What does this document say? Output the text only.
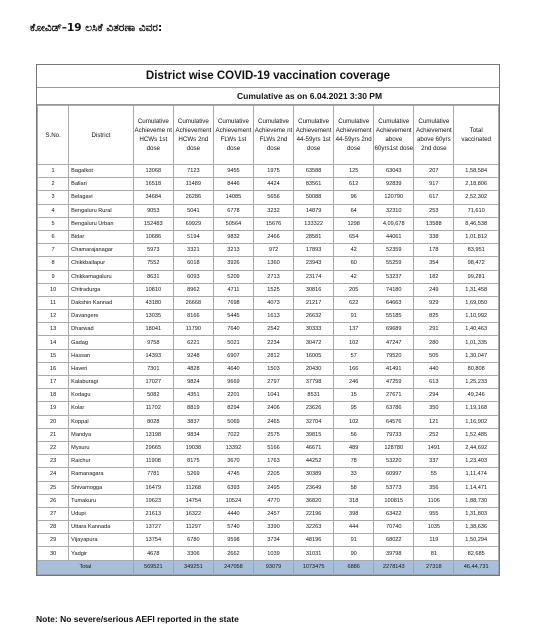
ಕೋವಿಡ್–19 ಲಸಿಕೆ ವಿತರಣಾ ವಿವರ:
District wise COVID-19 vaccination coverage
Cumulative as on 6.04.2021 3:30 PM
S.No.	District	Cumulative Achieveme nt HCWs 1st dose	Cumulative Achievement HCWs 2nd dose	Cumulative Achievement FLWs 1st dose	Cumulative Achieveme nt FLWs 2nd dose	Cumulative Achievement 44-59yrs 1st dose	Cumulative Achievement 44-59yrs 2nd dose	Cumulative Achievement above 60yrs1st dose	Cumulative Achievement above 60yrs 2nd dose	Total vaccinated
1	Bagalkot	13068	7123	9455	1975	63588	125	63043	207	1,58,584
2	Ballari	16518	11489	8446	4424	83561	612	92839	917	2,18,806
3	Belagavi	34684	26286	14085	5656	50088	96	120790	617	2,52,302
4	Bengaluru Rural	9053	5041	6778	3232	14879	64	32310	253	71,610
5	Bengaluru Urban	152483	69929	50564	15676	133322	1298	4,09,678	13588	8,46,538
6	Bidar	10686	5194	9832	2466	28581	654	44061	338	1,01,812
7	Chamarajanagar	5973	3321	3213	972	17893	42	52359	178	83,951
8	Chikkballapur	7552	6018	3926	1360	23943	60	55259	354	98,472
9	Chikkamagaluru	8631	6093	5209	2713	23174	42	53237	182	99,281
10	Chitradurga	10810	8962	4711	1525	30816	205	74180	249	1,31,458
11	Dakshin Kannad	43180	26668	7698	4073	21217	622	64663	929	1,69,050
12	Davangere	13035	8166	5445	1613	26632	91	55185	825	1,10,992
13	Dharwad	18041	11790	7640	2542	30333	137	69689	291	1,40,463
14	Gadag	9758	6221	5021	2234	30472	102	47247	280	1,01,335
15	Hassan	14393	9248	6907	2812	16005	57	79520	505	1,30,047
16	Haveri	7301	4828	4640	1503	20430	166	41491	440	80,808
17	Kalaburagi	17027	9824	9669	2797	37798	246	47259	613	1,25,233
18	Kodagu	5082	4351	2201	1041	8531	15	27671	294	49,246
19	Kolar	11702	8819	8294	2406	23626	95	63786	350	1,19,168
20	Koppal	8028	3837	5069	2465	32704	102	64576	121	1,16,902
21	Mandya	13198	9834	7022	2575	39815	56	79733	252	1,52,485
22	Mysuru	29665	19038	13392	5166	46671	489	128780	1491	2,44,692
23	Raichur	11908	8175	3670	1763	44252	78	53220	337	1,23,403
24	Ramanagara	7781	5269	4745	2205	30389	33	60997	55	1,11,474
25	Shivamogga	16479	11268	6393	2495	23649	58	53773	356	1,14,471
26	Tumakuru	19623	14754	10524	4770	36820	318	100815	1106	1,88,730
27	Udupi	21613	16322	4440	2457	22196	398	63422	955	1,31,803
28	Uttara Kannada	13727	11297	5740	3390	32263	444	70740	1035	1,38,636
29	Vijayapura	13754	6780	9598	3734	48196	91	68022	119	1,50,294
30	Yadgir	4678	3306	2662	1039	31031	90	39798	81	82,685
Total		569521	349251	247058	93079	1073475	6886	2278143	27318	46,44,731
Note: No severe/serious AEFI reported in the state
